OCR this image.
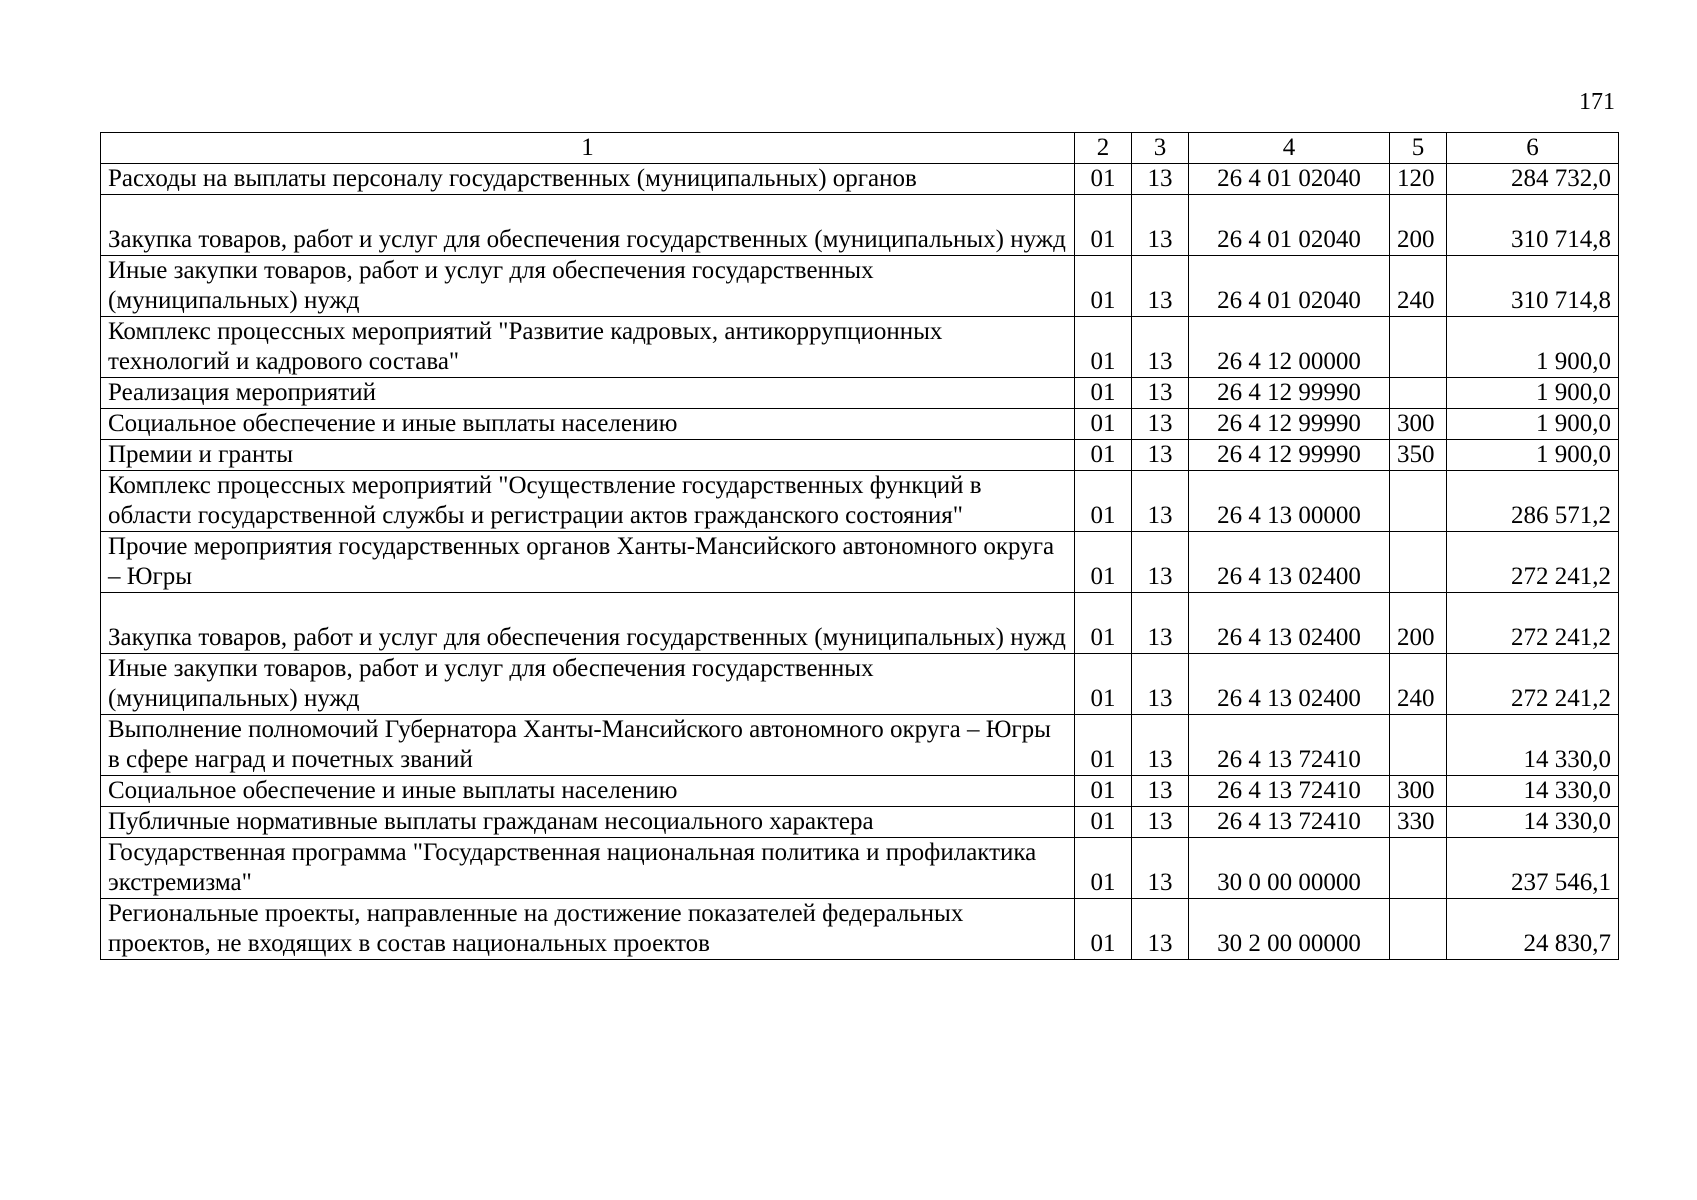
171
1	2	3	4	5	6
Расходы на выплаты персоналу государственных (муниципальных) органов	01	13	26 4 01 02040	120	284 732,0
Закупка товаров, работ и услуг для обеспечения государственных (муниципальных) нужд	01	13	26 4 01 02040	200	310 714,8
Иные закупки товаров, работ и услуг для обеспечения государственных (муниципальных) нужд	01	13	26 4 01 02040	240	310 714,8
Комплекс процессных мероприятий "Развитие кадровых, антикоррупционных технологий и кадрового состава"	01	13	26 4 12 00000		1 900,0
Реализация мероприятий	01	13	26 4 12 99990		1 900,0
Социальное обеспечение и иные выплаты населению	01	13	26 4 12 99990	300	1 900,0
Премии и гранты	01	13	26 4 12 99990	350	1 900,0
Комплекс процессных мероприятий "Осуществление государственных функций в области государственной службы и регистрации актов гражданского состояния"	01	13	26 4 13 00000		286 571,2
Прочие мероприятия государственных органов Ханты-Мансийского автономного округа – Югры	01	13	26 4 13 02400		272 241,2
Закупка товаров, работ и услуг для обеспечения государственных (муниципальных) нужд	01	13	26 4 13 02400	200	272 241,2
Иные закупки товаров, работ и услуг для обеспечения государственных (муниципальных) нужд	01	13	26 4 13 02400	240	272 241,2
Выполнение полномочий Губернатора Ханты-Мансийского автономного округа – Югры в сфере наград и почетных званий	01	13	26 4 13 72410		14 330,0
Социальное обеспечение и иные выплаты населению	01	13	26 4 13 72410	300	14 330,0
Публичные нормативные выплаты гражданам несоциального характера	01	13	26 4 13 72410	330	14 330,0
Государственная программа "Государственная национальная политика и профилактика экстремизма"	01	13	30 0 00 00000		237 546,1
Региональные проекты, направленные на достижение показателей федеральных проектов, не входящих в состав национальных проектов	01	13	30 2 00 00000		24 830,7
